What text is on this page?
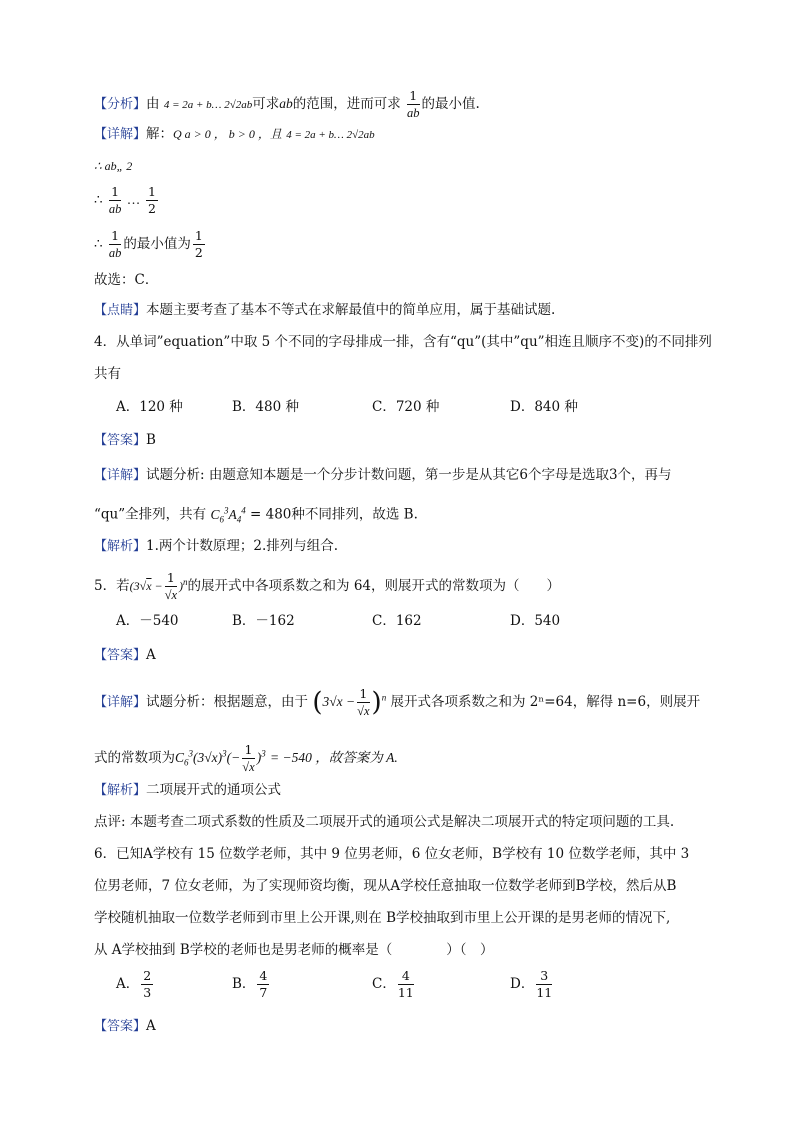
【分析】由 4 = 2a + b… 2√2ab可求ab的范围，进而可求 $\frac{1}{ab}$ 的最小值.
【详解】解：Q a > 0 ， b > 0 ，且 4 = 2a + b… 2√2ab
∴ ab„ 2
∴ $\frac{1}{ab}$ … $\frac{1}{2}$
∴ $\frac{1}{ab}$ 的最小值为 $\frac{1}{2}$
故选：C．
【点睛】本题主要考查了基本不等式在求解最值中的简单应用，属于基础试题.
4．从单词”equation”中取 5 个不同的字母排成一排，含有“qu”(其中”qu”相连且顺序不变)的不同排列
共有
A．120 种	B．480 种	C．720 种	D．840 种
【答案】B
【详解】试题分析: 由题意知本题是一个分步计数问题，第一步是从其它6个字母是选取3个，再与
“qu”全排列，共有 $C_6^3A_4^4 = 480$种不同排列，故选 B.
【解析】1.两个计数原理；2.排列与组合.
5．若$(3√x - \frac{1}{√x} )^n$的展开式中各项系数之和为 64，则展开式的常数项为（　　）
A．－540	B．－162	C．162	D．540
【答案】A
【详解】试题分析：根据题意，由于 $(3√x - \frac{1}{√x} )^n$ 展开式各项系数之和为 2ⁿ=64，解得 n=6，则展开
式的常数项为$C_6^3(3√x)^3(- \frac{1}{√x} )^3 = -540$ ，故答案为 A.
【解析】二项展开式的通项公式
点评: 本题考查二项式系数的性质及二项展开式的通项公式是解决二项展开式的特定项问题的工具.
6．已知A学校有 15 位数学老师，其中 9 位男老师，6 位女老师，B学校有 10 位数学老师，其中 3
位男老师，7 位女老师，为了实现师资均衡，现从A学校任意抽取一位数学老师到B学校，然后从B
学校随机抽取一位数学老师到市里上公开课,则在 B学校抽取到市里上公开课的是男老师的情况下,
从 A学校抽到 B学校的老师也是男老师的概率是（　　　　）（　）
A． $\frac{2}{3}$	B． $\frac{4}{7}$	C． $\frac{4}{11}$	D． $\frac{3}{11}$
【答案】A
